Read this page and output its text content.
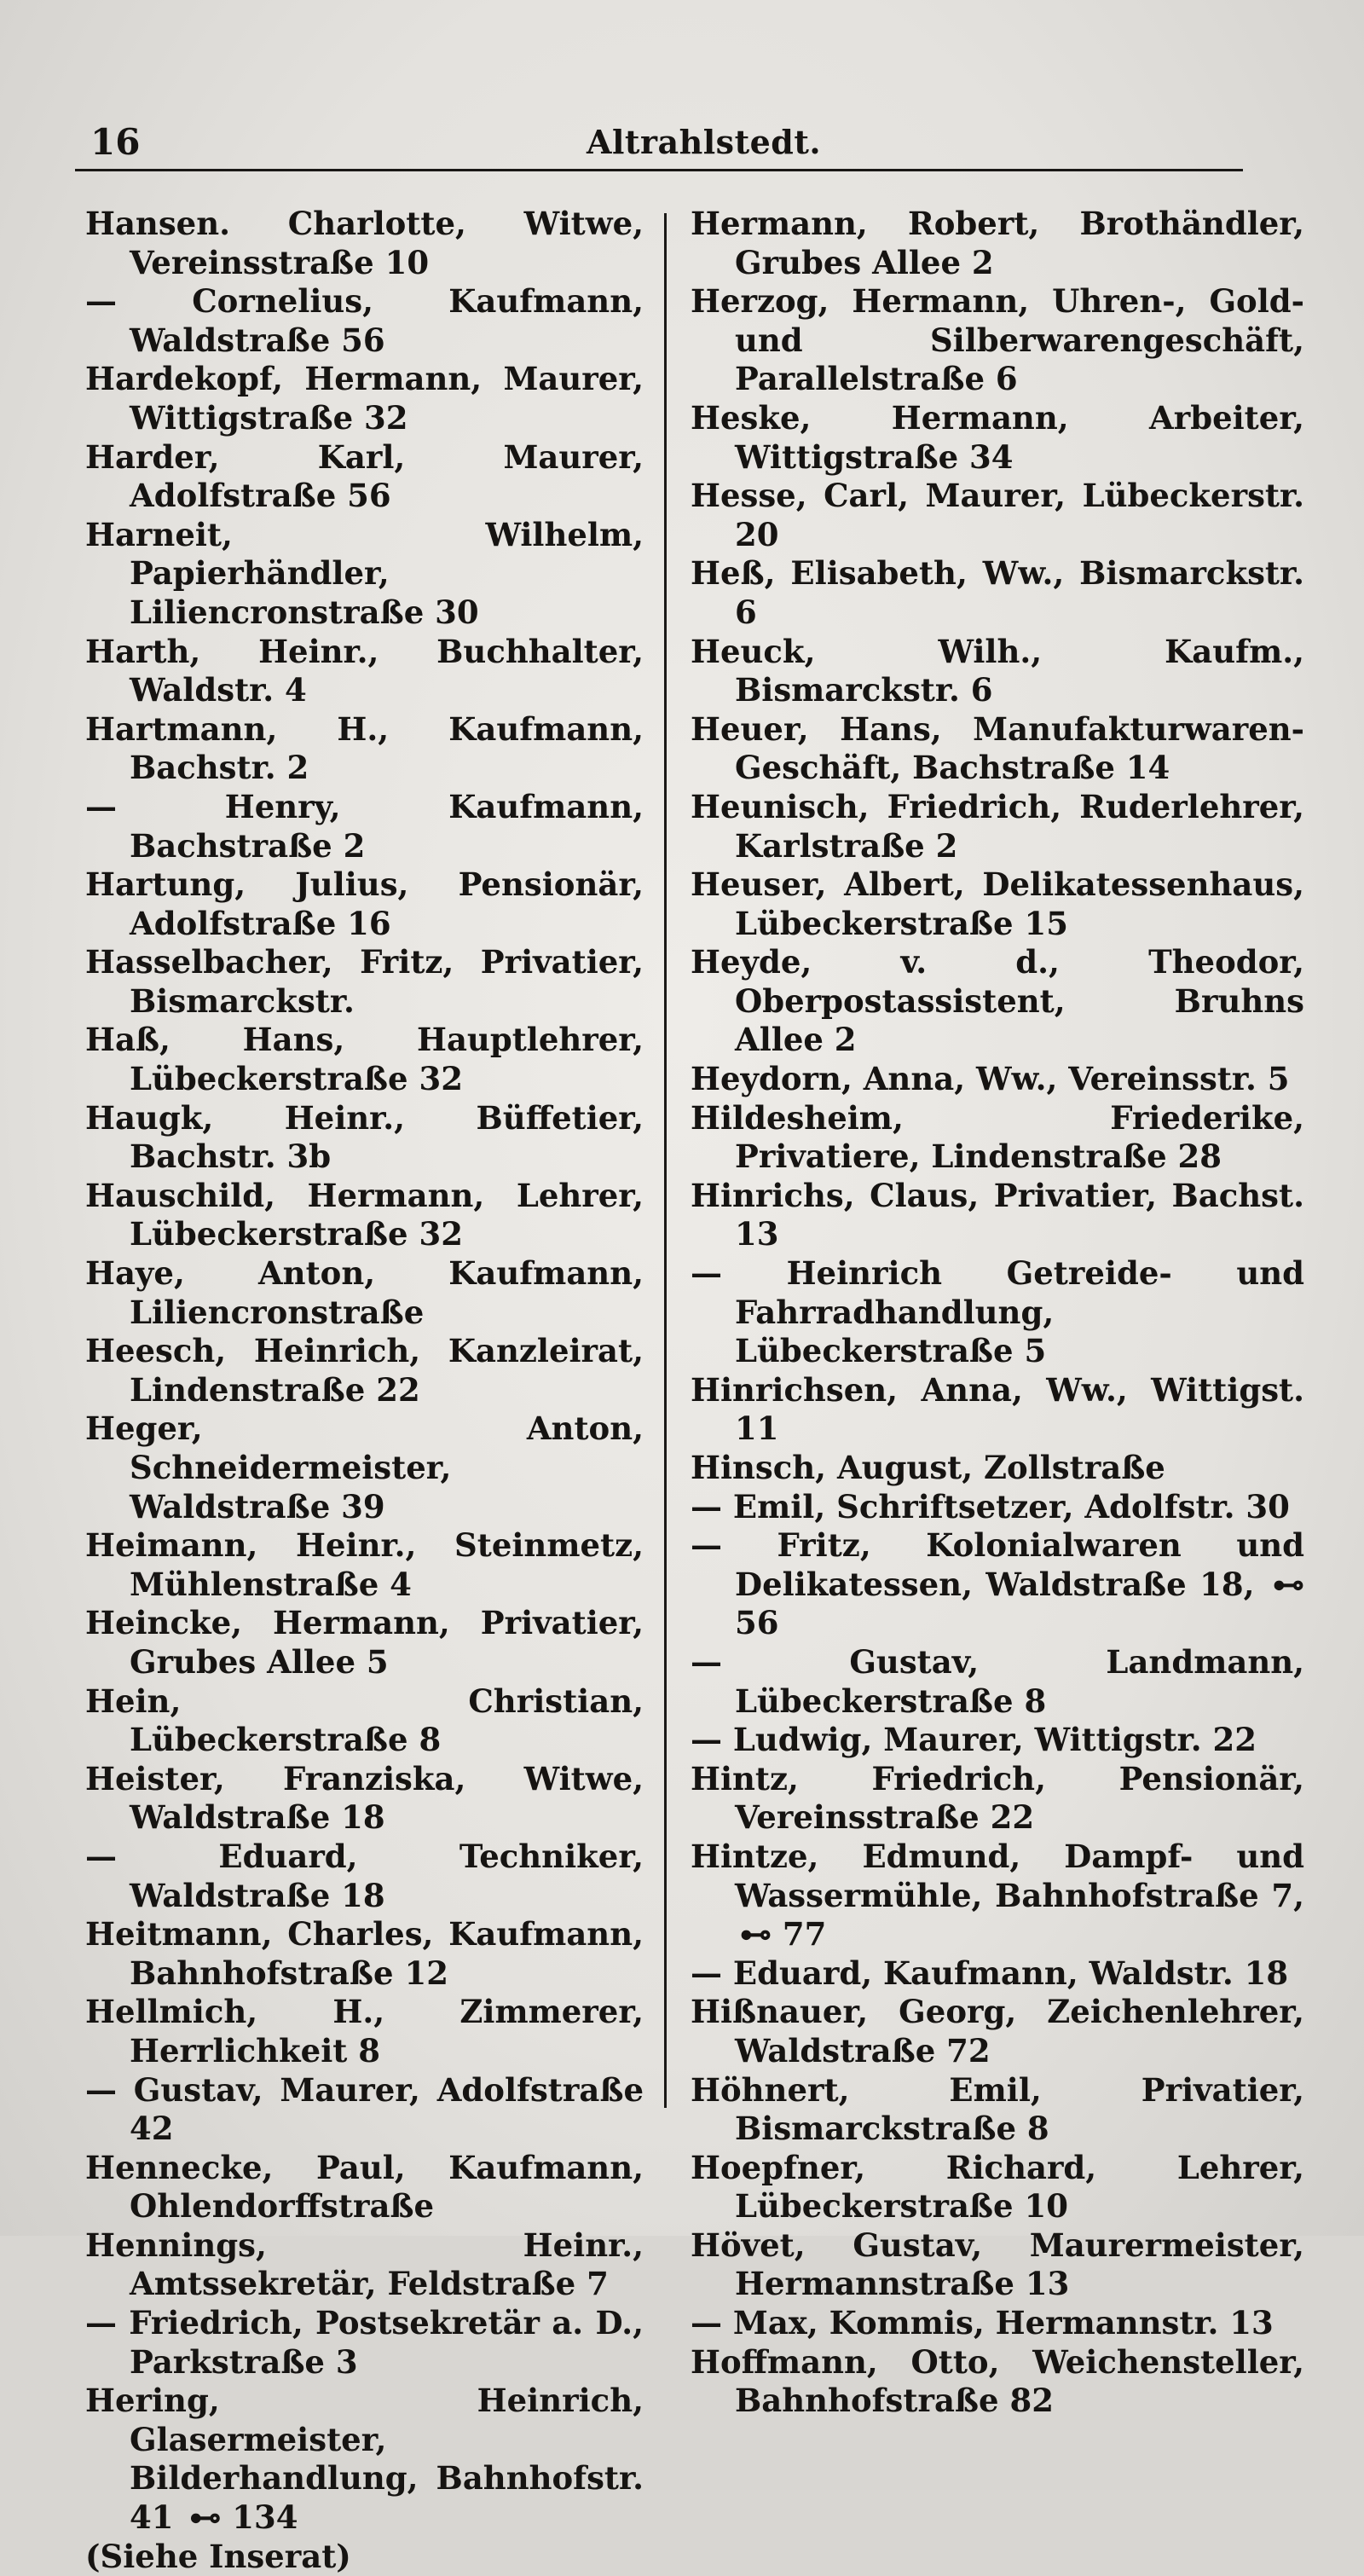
16	Altrahlstedt.
Hansen. Charlotte, Witwe, Vereinsstraße 10
— Cornelius, Kaufmann, Waldstraße 56
Hardekopf, Hermann, Maurer, Wittigstraße 32
Harder, Karl, Maurer, Adolfstraße 56
Harneit, Wilhelm, Papierhändler, Liliencronstraße 30
Harth, Heinr., Buchhalter, Waldstr. 4
Hartmann, H., Kaufmann, Bachstr. 2
— Henry, Kaufmann, Bachstraße 2
Hartung, Julius, Pensionär, Adolfstraße 16
Hasselbacher, Fritz, Privatier, Bismarckstr.
Haß, Hans, Hauptlehrer, Lübeckerstraße 32
Haugk, Heinr., Büffetier, Bachstr. 3b
Hauschild, Hermann, Lehrer, Lübeckerstraße 32
Haye, Anton, Kaufmann, Liliencronstraße
Heesch, Heinrich, Kanzleirat, Lindenstraße 22
Heger, Anton, Schneidermeister, Waldstraße 39
Heimann, Heinr., Steinmetz, Mühlenstraße 4
Heincke, Hermann, Privatier, Grubes Allee 5
Hein, Christian, Lübeckerstraße 8
Heister, Franziska, Witwe, Waldstraße 18
— Eduard, Techniker, Waldstraße 18
Heitmann, Charles, Kaufmann, Bahnhofstraße 12
Hellmich, H., Zimmerer, Herrlichkeit 8
— Gustav, Maurer, Adolfstraße 42
Hennecke, Paul, Kaufmann, Ohlendorffstraße
Hennings, Heinr., Amtssekretär, Feldstraße 7
— Friedrich, Postsekretär a. D., Parkstraße 3
Hering, Heinrich, Glasermeister, Bilderhandlung, Bahnhofstr. 41 ⊷ 134
(Siehe Inserat)
Hermann, Robert, Brothändler, Grubes Allee 2
Herzog, Hermann, Uhren-, Gold- und Silberwarengeschäft, Parallelstraße 6
Heske, Hermann, Arbeiter, Wittigstraße 34
Hesse, Carl, Maurer, Lübeckerstr. 20
Heß, Elisabeth, Ww., Bismarckstr. 6
Heuck, Wilh., Kaufm., Bismarckstr. 6
Heuer, Hans, Manufakturwaren-Geschäft, Bachstraße 14
Heunisch, Friedrich, Ruderlehrer, Karlstraße 2
Heuser, Albert, Delikatessenhaus, Lübeckerstraße 15
Heyde, v. d., Theodor, Oberpostassistent, Bruhns Allee 2
Heydorn, Anna, Ww., Vereinsstr. 5
Hildesheim, Friederike, Privatiere, Lindenstraße 28
Hinrichs, Claus, Privatier, Bachst. 13
— Heinrich Getreide- und Fahrradhandlung, Lübeckerstraße 5
Hinrichsen, Anna, Ww., Wittigst. 11
Hinsch, August, Zollstraße
— Emil, Schriftsetzer, Adolfstr. 30
— Fritz, Kolonialwaren und Delikatessen, Waldstraße 18, ⊷ 56
— Gustav, Landmann, Lübeckerstraße 8
— Ludwig, Maurer, Wittigstr. 22
Hintz, Friedrich, Pensionär, Vereinsstraße 22
Hintze, Edmund, Dampf- und Wassermühle, Bahnhofstraße 7, ⊷ 77
— Eduard, Kaufmann, Waldstr. 18
Hißnauer, Georg, Zeichenlehrer, Waldstraße 72
Höhnert, Emil, Privatier, Bismarckstraße 8
Hoepfner, Richard, Lehrer, Lübeckerstraße 10
Hövet, Gustav, Maurermeister, Hermannstraße 13
— Max, Kommis, Hermannstr. 13
Hoffmann, Otto, Weichensteller, Bahnhofstraße 82
